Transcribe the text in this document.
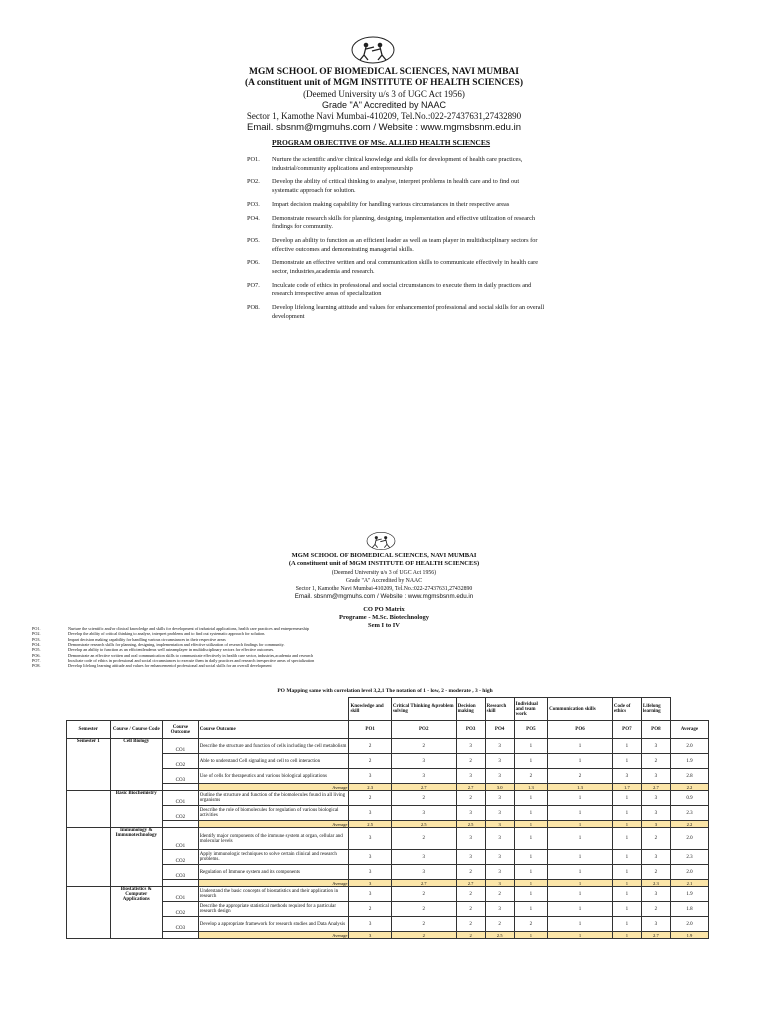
MGM SCHOOL OF BIOMEDICAL SCIENCES, NAVI MUMBAI
(A constituent unit of MGM INSTITUTE OF HEALTH SCIENCES)
(Deemed University u/s 3 of UGC Act 1956)
Grade "A" Accredited by NAAC
Sector 1, Kamothe Navi Mumbai-410209, Tel.No.:022-27437631,27432890
Email. sbsnm@mgmuhs.com / Website : www.mgmsbsnm.edu.in
PROGRAM OBJECTIVE OF MSc. ALLIED HEALTH SCIENCES
PO1.	Nurture the scientific and/or clinical knowledge and skills for development of health care practices, industrial/community applications and entrepreneurship
PO2.	Develop the ability of critical thinking to analyse, interpret problems in health care and to find out systematic approach for solution.
PO3.	Impart decision making capability for handling various circumstances in their respective areas
PO4.	Demonstrate research skills for planning, designing, implementation and effective utilization of research findings for community.
PO5.	Develop an ability to function as an efficient leader as well as team player in multidisciplinary sectors for effective outcomes and demonstrating managerial skills.
PO6.	Demonstrate an effective written and oral communication skills to communicate effectively in health care sector, industries,academia and research.
PO7.	Inculcate code of ethics in professional and social circumstances to execute them in daily practices and research irrespective areas of specialization
PO8.	Develop lifelong learning attitude and values for enhancementof professional and social skills for an overall development
MGM SCHOOL OF BIOMEDICAL SCIENCES, NAVI MUMBAI
(A constituent unit of MGM INSTITUTE OF HEALTH SCIENCES)
(Deemed University u/s 3 of UGC Act 1956)
Grade "A" Accredited by NAAC
Sector 1, Kamothe Navi Mumbai-410209, Tel.No.:022-27437631,27432890
Email. sbsnm@mgmuhs.com / Website : www.mgmsbsnm.edu.in
CO PO Matrix
Programe - M.Sc. Biotechnology
Sem I to IV
PO1.	Nurture the scientific and/or clinical knowledge and skills for development of industrial applications, health care practices and entrepreneurship
PO2.	Develop the ability of critical thinking to analyse, interpret problems and to find out systematic approach for solution.
PO3.	Impart decision making capability for handling various circumstances in their respective areas
PO4.	Demonstrate research skills for planning, designing, implementation and effective utilization of research findings for community.
PO5.	Develop an ability to function as an efficientleaderas well asteamplayer in multidisciplinary sectors for effective outcomes.
PO6.	Demonstrate an effective written and oral communication skills to communicate effectively in health care sector, industries,academia and research
PO7.	Inculcate code of ethics in professional and social circumstances to execute them in daily practices and research irrespective areas of specialization
PO8.	Develop lifelong learning attitude and values for enhancementof professional and social skills for an overall development
PO Mapping same with correlation level 3,2,1 The notation of 1 - low, 2 - moderate , 3 - high
				Knowledge and skill	Critical Thinking &problem solving	Decision making	Research skill	Individual and team work	Communication skills	Code of ethics	Lifelong learning	
Semester	Course / Course Code	Course Outcome	Course Outcome	PO1	PO2	PO3	PO4	PO5	PO6	PO7	PO8	Average
Semester 1	Cell Biology	CO1	Describe the structure and function of cells including the cell metabolism	2	2	3	3	1	1	1	3	2.0
		CO2	Able to understand Cell signaling and cell to cell interaction	2	3	2	3	1	1	1	2	1.9
		CO3	Use of cells for therapeutics and various biological applications	3	3	3	3	2	2	3	3	2.8
			Average	2.3	2.7	2.7	3.0	1.3	1.3	1.7	2.7	2.2
	Basic Biochemistry	CO1	Outline the structure and function of the biomolecules found in all living organisms	2	2	2	3	1	1	1	3	0.9
		CO2	Describe the role of biomolecules for regulation of various biological activities	3	3	3	3	1	1	1	3	2.3
			Average	2.5	2.5	2.5	3	1	1	1	3	2.2
	Immunology & Immunotechnology	CO1	Identify major components of the immune system at organ, cellular and molecular levels	3	2	3	3	1	1	1	2	2.0
		CO2	Apply immunologic techniques to solve certain clinical and research problems.	3	3	3	3	1	1	1	3	2.3
		CO3	Regulation of Immune system and its components	3	3	2	3	1	1	1	2	2.0
			Average	3	2.7	2.7	3	1	1	1	2.3	2.1
	Biostatistics & Computer Applications	CO1	Understand the basic concepts of biostatistics and their application in research	3	2	2	2	1	1	1	3	1.9
		CO2	Describe the appropriate statistical methods required for a particular research design	2	2	2	3	1	1	1	2	1.8
		CO3	Develop a appropriate framework for research studies and Data Analysis	3	2	2	2	2	1	1	3	2.0
			Average	3	2	2	2.5	1	1	1	2.7	1.9
